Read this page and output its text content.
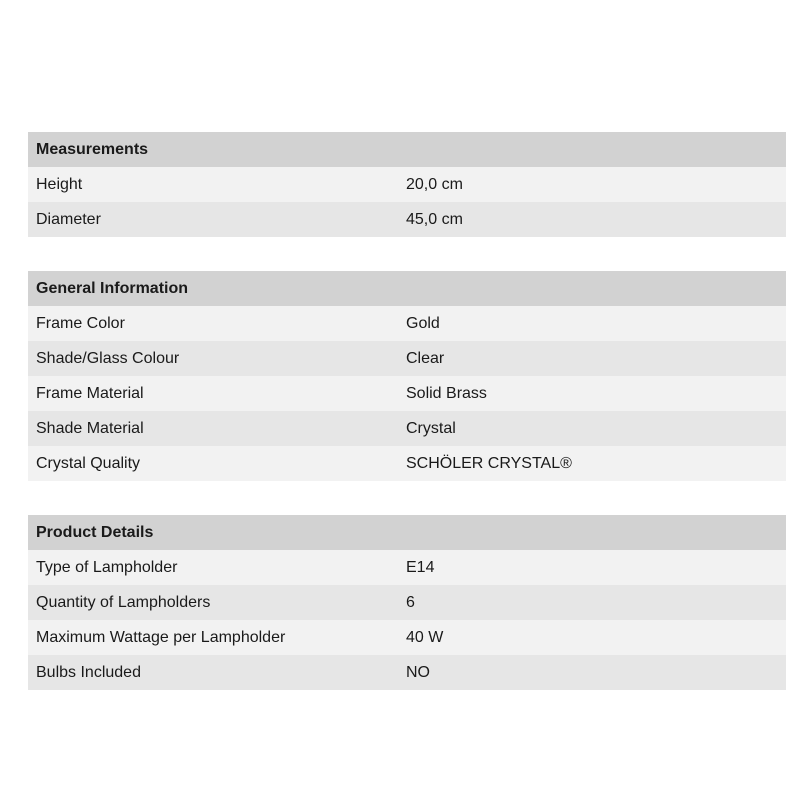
Measurements
Height	20,0 cm
Diameter	45,0 cm
General Information
Frame Color	Gold
Shade/Glass Colour	Clear
Frame Material	Solid Brass
Shade Material	Crystal
Crystal Quality	SCHÖLER CRYSTAL®
Product Details
Type of Lampholder	E14
Quantity of Lampholders	6
Maximum Wattage per Lampholder	40 W
Bulbs Included	NO
